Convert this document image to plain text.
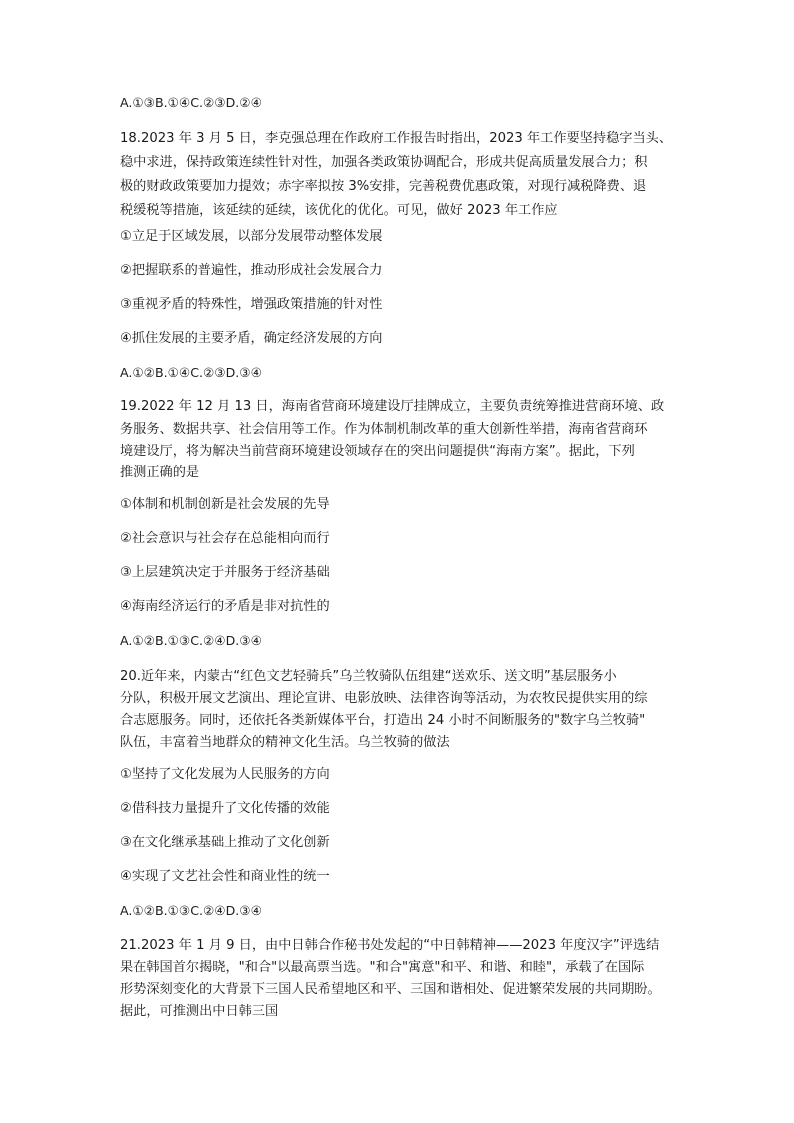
A.①③B.①④C.②③D.②④
18.2023 年 3 月 5 日，李克强总理在作政府工作报告时指出，2023 年工作要坚持稳字当头、
稳中求进，保持政策连续性针对性，加强各类政策协调配合，形成共促高质量发展合力；积
极的财政政策要加力提效；赤字率拟按 3%安排，完善税费优惠政策，对现行减税降费、退
税缓税等措施，该延续的延续，该优化的优化。可见，做好 2023 年工作应
①立足于区域发展，以部分发展带动整体发展
②把握联系的普遍性，推动形成社会发展合力
③重视矛盾的特殊性，增强政策措施的针对性
④抓住发展的主要矛盾，确定经济发展的方向
A.①②B.①④C.②③D.③④
19.2022 年 12 月 13 日，海南省营商环境建设厅挂牌成立，主要负责统筹推进营商环境、政
务服务、数据共享、社会信用等工作。作为体制机制改革的重大创新性举措，海南省营商环
境建设厅，将为解决当前营商环境建设领域存在的突出问题提供“海南方案”。据此，下列
推测正确的是
①体制和机制创新是社会发展的先导
②社会意识与社会存在总能相向而行
③上层建筑决定于并服务于经济基础
④海南经济运行的矛盾是非对抗性的
A.①②B.①③C.②④D.③④
20.近年来，内蒙古“红色文艺轻骑兵”乌兰牧骑队伍组建“送欢乐、送文明”基层服务小
分队，积极开展文艺演出、理论宣讲、电影放映、法律咨询等活动，为农牧民提供实用的综
合志愿服务。同时，还依托各类新媒体平台，打造出 24 小时不间断服务的"数字乌兰牧骑"
队伍，丰富着当地群众的精神文化生活。乌兰牧骑的做法
①坚持了文化发展为人民服务的方向
②借科技力量提升了文化传播的效能
③在文化继承基础上推动了文化创新
④实现了文艺社会性和商业性的统一
A.①②B.①③C.②④D.③④
21.2023 年 1 月 9 日，由中日韩合作秘书处发起的“中日韩精神——2023 年度汉字”评选结
果在韩国首尔揭晓，"和合"以最高票当选。"和合"寓意"和平、和谐、和睦"，承载了在国际
形势深刻变化的大背景下三国人民希望地区和平、三国和谐相处、促进繁荣发展的共同期盼。
据此，可推测出中日韩三国
